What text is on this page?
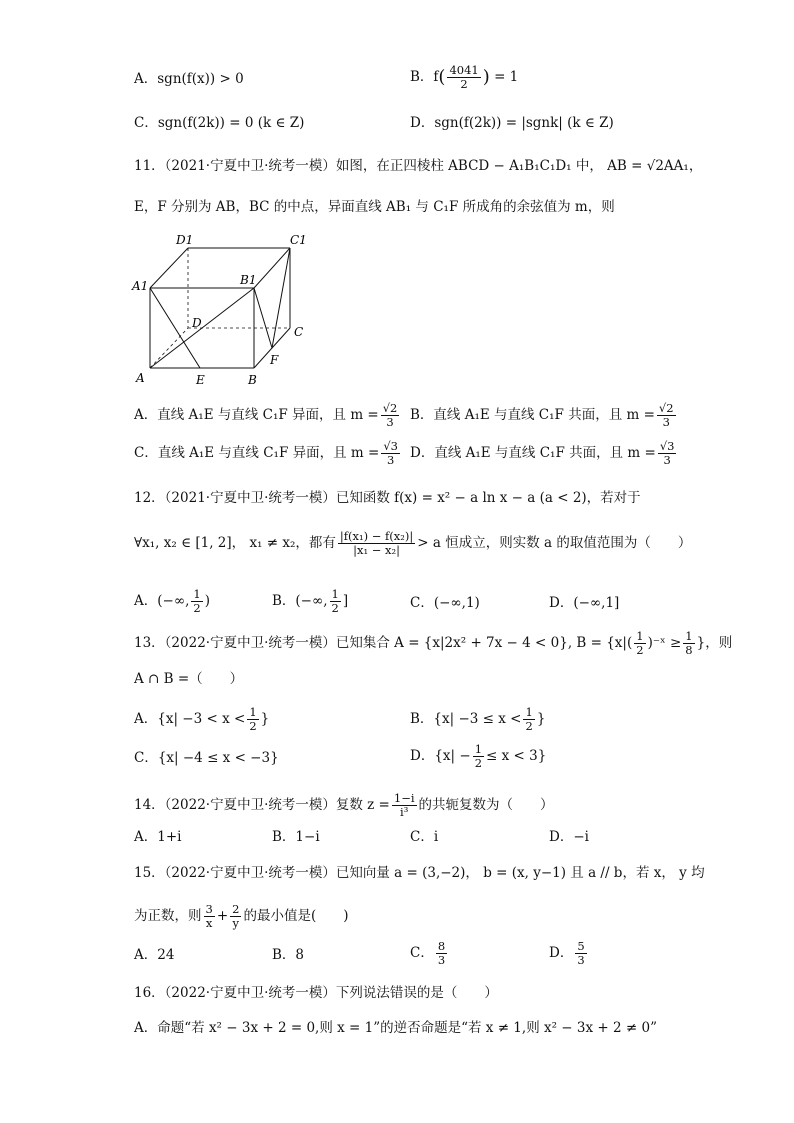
A．sgn(f(x)) > 0	B．$f( \frac{4041}{2}$ ) = 1
C．sgn(f(2k)) = 0 (k ∈ Z)	D．sgn(f(2k)) = |sgnk| (k ∈ Z)
11．（2021·宁夏中卫·统考一模）如图，在正四棱柱 ABCD − A₁B₁C₁D₁ 中， AB = √2AA₁，
E，F 分别为 AB，BC 的中点，异面直线 AB₁ 与 C₁F 所成角的余弦值为 m，则
D1	C1
A1	B1
D
C
F
A	E	B
A．直线 A₁E 与直线 C₁F 异面，且 $m = \frac{√2}{3}$ B．直线 A₁E 与直线 C₁F 共面，且 $m = \frac{√2}{3}$
C．直线 A₁E 与直线 C₁F 异面，且 $m = \frac{√3}{3}$ D．直线 A₁E 与直线 C₁F 共面，且 $m = \frac{√3}{3}$
12．（2021·宁夏中卫·统考一模）已知函数 f(x) = x² − a ln x − a (a < 2)，若对于
∀x₁, x₂ ∈ [1, 2]， x₁ ≠ x₂，都有 $\frac{\text{|f(x₁) − f(x₂)|}}{\text{|x₁ − x₂|}} > a$ 恒成立，则实数 a 的取值范围为（　　）
A．(−∞, $\frac{1}{2}$ )	B．(−∞, $\frac{1}{2}$ ]	C．(−∞,1)	D．(−∞,1]
13．（2022·宁夏中卫·统考一模）已知集合 A = {x|2x² + 7x − 4 < 0}, $B = \{x|( \frac{1}{2}$ )⁻ˣ ≥ $\frac{1}{8}$ }，则
A ∩ B =（　　）
A．{$x| -3 < x < \frac{1}{2}$ }	B．{$x| -3 \le x < \frac{1}{2}$ }
C．{x| −4 ≤ x < −3}	D．$\{x| - \frac{1}{2} \le x < 3\}$
14．（2022·宁夏中卫·统考一模）复数 $z = \frac{1-i}{\text{i³}}$ 的共轭复数为（　　）
A．1+i	B．1−i	C．i	D．−i
15．（2022·宁夏中卫·统考一模）已知向量 a = (3,−2)， b = (x, y−1) 且 a // b，若 x， y 均
为正数，则 $\frac{3}{x} + \frac{2}{y}$ 的最小值是(　　)
A．24	B．8	C． $\frac{8}{3}$	D． $\frac{5}{3}$
16．（2022·宁夏中卫·统考一模）下列说法错误的是（　　）
A．命题“若 x² − 3x + 2 = 0,则 x = 1”的逆否命题是“若 x ≠ 1,则 x² − 3x + 2 ≠ 0”
